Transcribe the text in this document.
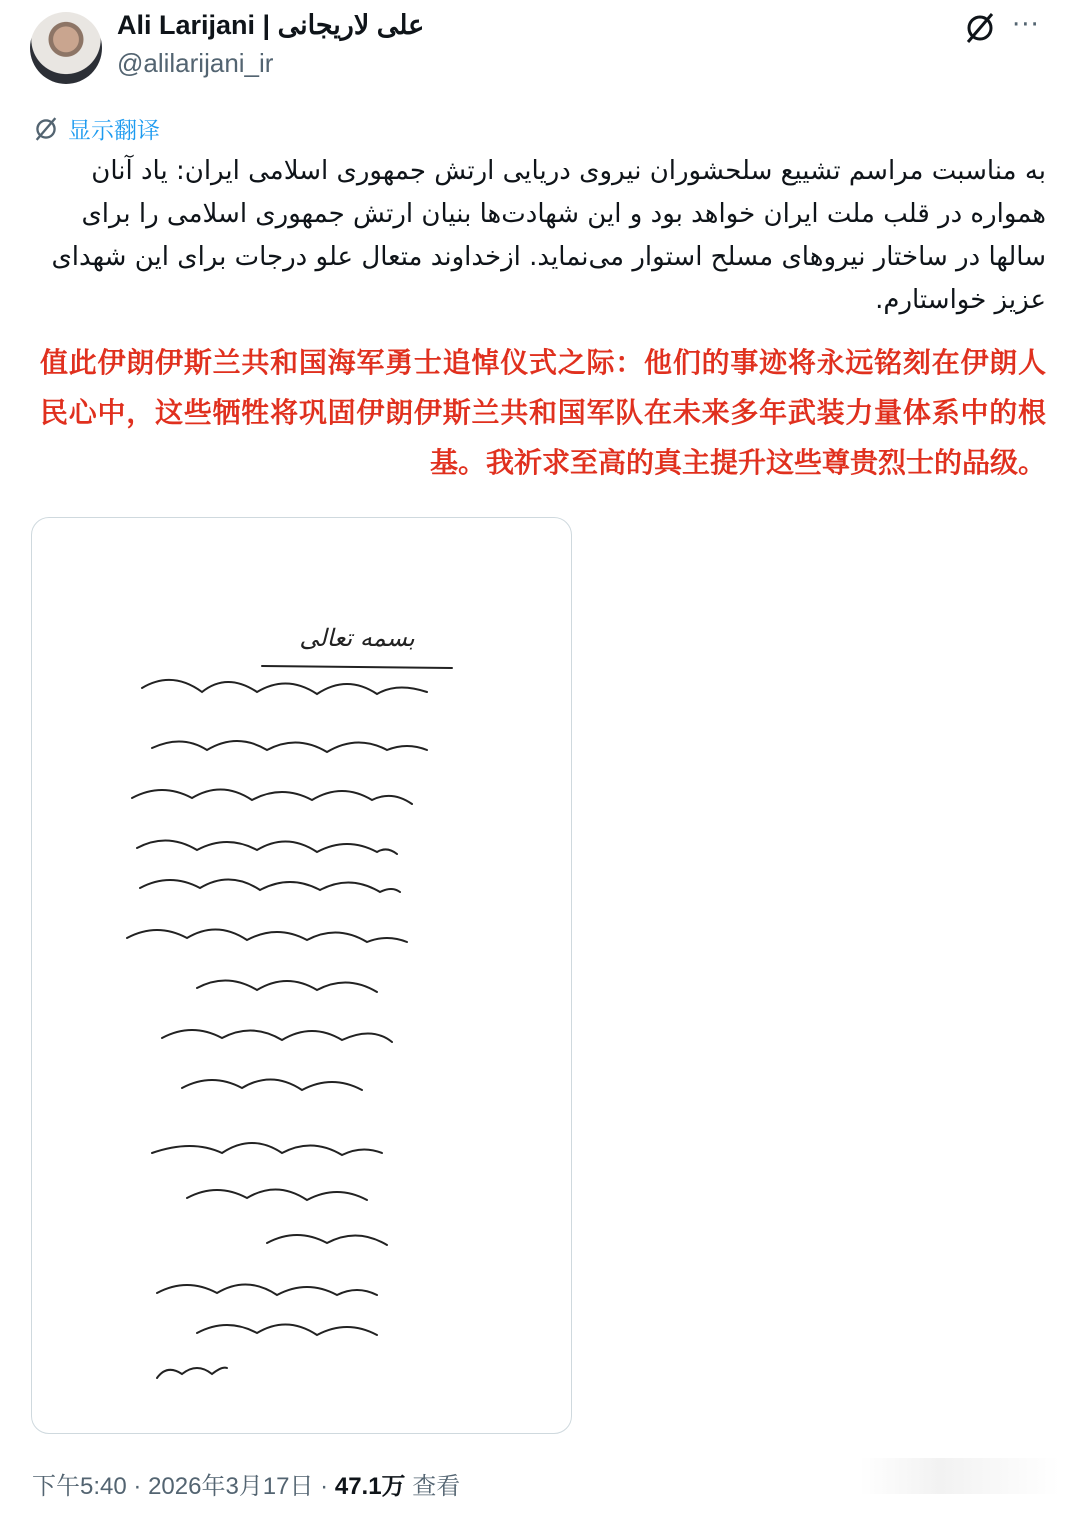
Ali Larijani | علی لاریجانی
@alilarijani_ir
···
显示翻译
به مناسبت مراسم تشییع سلحشوران نیروی دریایی ارتش جمهوری اسلامی ایران: یاد آنان همواره در قلب ملت ایران خواهد بود و این شهادت‌ها بنیان ارتش جمهوری اسلامی را برای سالها در ساختار نیروهای مسلح استوار می‌نماید. ازخداوند متعال علو درجات برای این شهدای عزیز خواستارم.
值此伊朗伊斯兰共和国海军勇士追悼仪式之际：他们的事迹将永远铭刻在伊朗人民心中，这些牺牲将巩固伊朗伊斯兰共和国军队在未来多年武装力量体系中的根基。我祈求至高的真主提升这些尊贵烈士的品级。
بسمه تعالی
下午5:40 · 2026年3月17日 · 47.1万 查看
